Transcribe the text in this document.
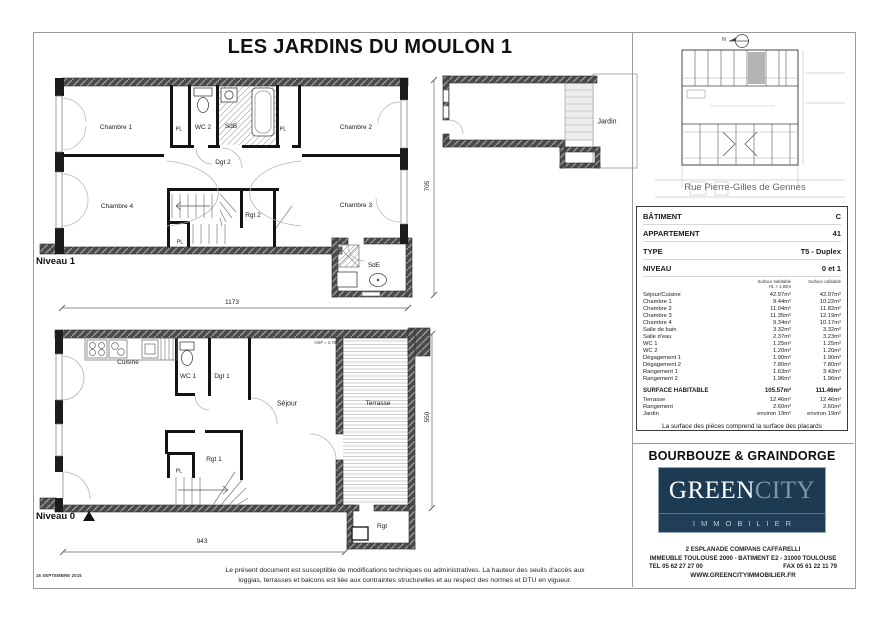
LES JARDINS DU MOULON 1
Chambre 1	PL WC 2 SdB	PL	Chambre 2
Dgt 2
Chambre 4
Rgt 2
Chambre 3
PL
SdE
Niveau 1
1173
705
Jardin
Cuisine
WC 1	Dgt 1
Séjour	Terrasse
HSP = 2.78m
Rgt 1
PL
Rgt
Niveau 0
943
550
N
Rue Pierre-Gilles de Gennes
BÂTIMENT	C
APPARTEMENT	41
TYPE	T5 - Duplex
NIVEAU	0 et 1
Surface habitable
Ht. > 1.80m
Surface utilisable
Séjour/Cuisine	42.97m²	42.97m²
Chambre 1	9.44m²	10.22m²
Chambre 2	11.04m²	11.82m²
Chambre 3	11.35m²	12.19m²
Chambre 4	9.34m²	10.17m²
Salle de bain	3.32m²	3.32m²
Salle d'eau	2.37m²	3.23m²
WC 1	1.25m²	1.25m²
WC 2	1.20m²	1.20m²
Dégagement 1	1.90m²	1.90m²
Dégagement 2	7.80m²	7.80m²
Rangement 1	1.63m²	3.43m²
Rangement 2	1.96m²	1.96m²
SURFACE HABITABLE	105.57m²	111.46m²
Terrasse	12.46m²	12.46m²
Rangement	2.60m²	2.60m²
Jardin	environ 19m²	environ 19m²
La surface des pièces comprend la surface des placards
BOURBOUZE & GRAINDORGE
GREEN CITY
IMMOBILIER
2 ESPLANADE COMPANS CAFFARELLI
IMMEUBLE TOULOUSE 2000 - BATIMENT E2 - 31000 TOULOUSE
TEL 05 62 27 27 00	FAX 05 61 22 11 79
WWW.GREENCITYIMMOBILIER.FR
Le présent document est susceptible de modifications techniques ou administratives. La hauteur des seuils d'accès aux
loggias, terrasses et balcons est liée aux contraintes structurelles et au respect des normes et DTU en vigueur.
16 SEPTEMBRE 2015
